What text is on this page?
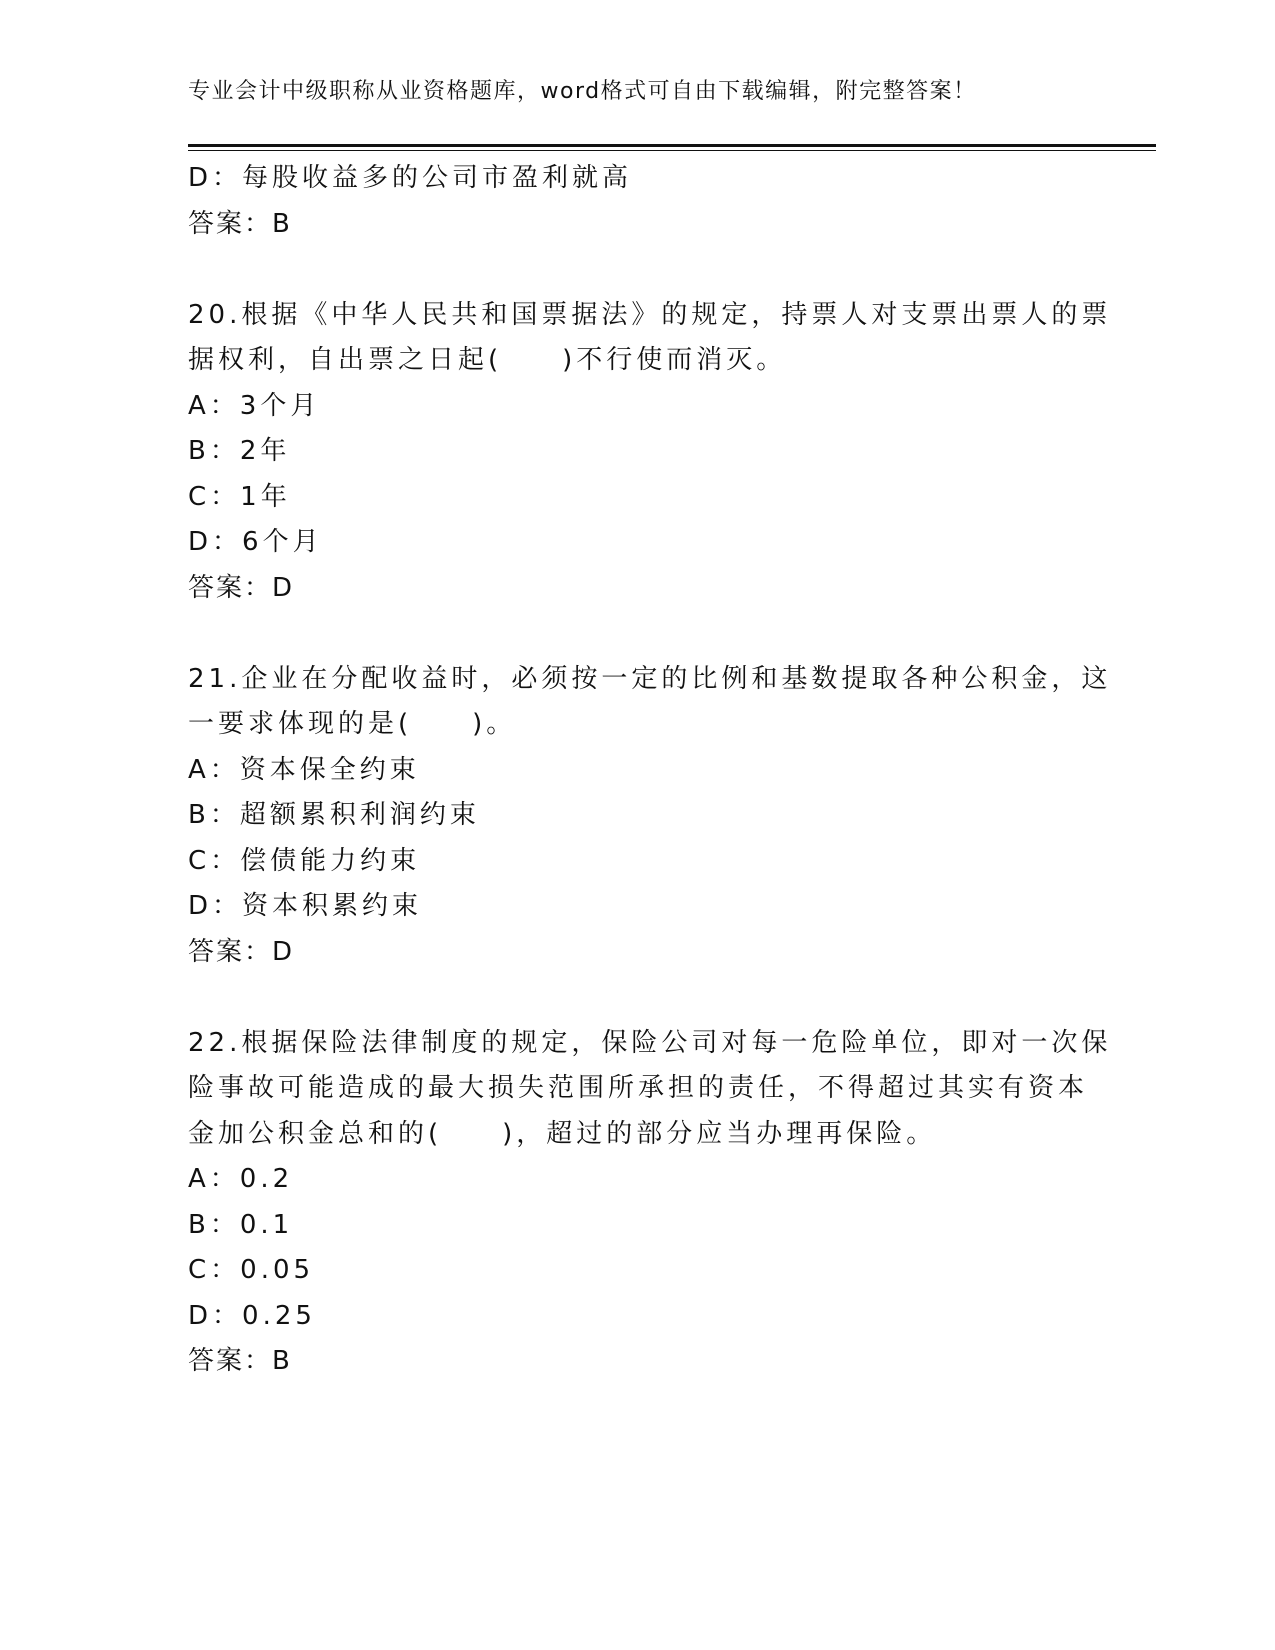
专业会计中级职称从业资格题库，word格式可自由下载编辑，附完整答案！
D：每股收益多的公司市盈利就高
答案：B
20.根据《中华人民共和国票据法》的规定，持票人对支票出票人的票
据权利，自出票之日起(　　)不行使而消灭。
A：3个月
B：2年
C：1年
D：6个月
答案：D
21.企业在分配收益时，必须按一定的比例和基数提取各种公积金，这
一要求体现的是(　　)。
A：资本保全约束
B：超额累积利润约束
C：偿债能力约束
D：资本积累约束
答案：D
22.根据保险法律制度的规定，保险公司对每一危险单位，即对一次保
险事故可能造成的最大损失范围所承担的责任，不得超过其实有资本
金加公积金总和的(　　)，超过的部分应当办理再保险。
A：0.2
B：0.1
C：0.05
D：0.25
答案：B
